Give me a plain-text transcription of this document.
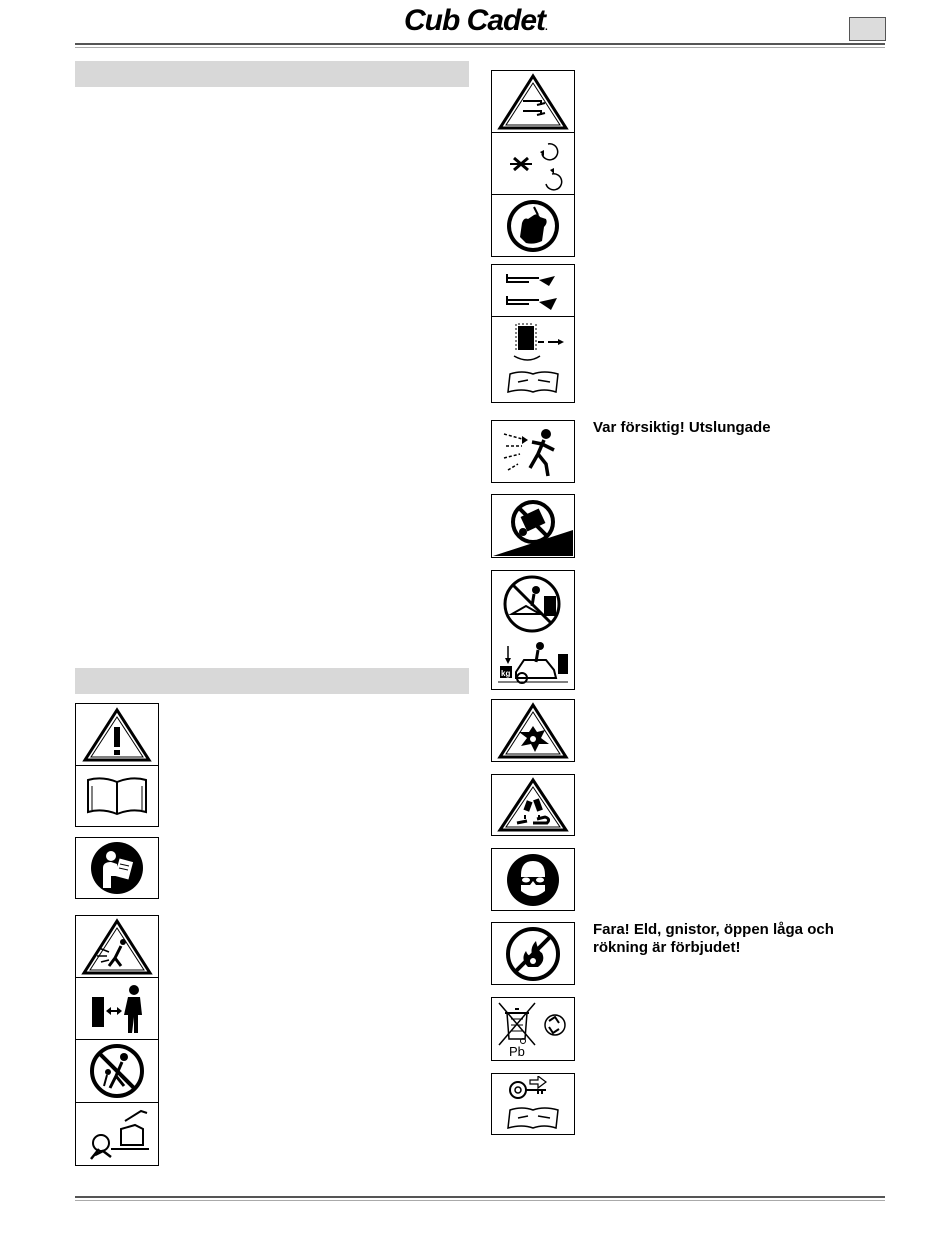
Cub Cadet.
kg
Pb
Var försiktig! Utslungade
Fara! Eld, gnistor, öppen låga och
rökning är förbjudet!
